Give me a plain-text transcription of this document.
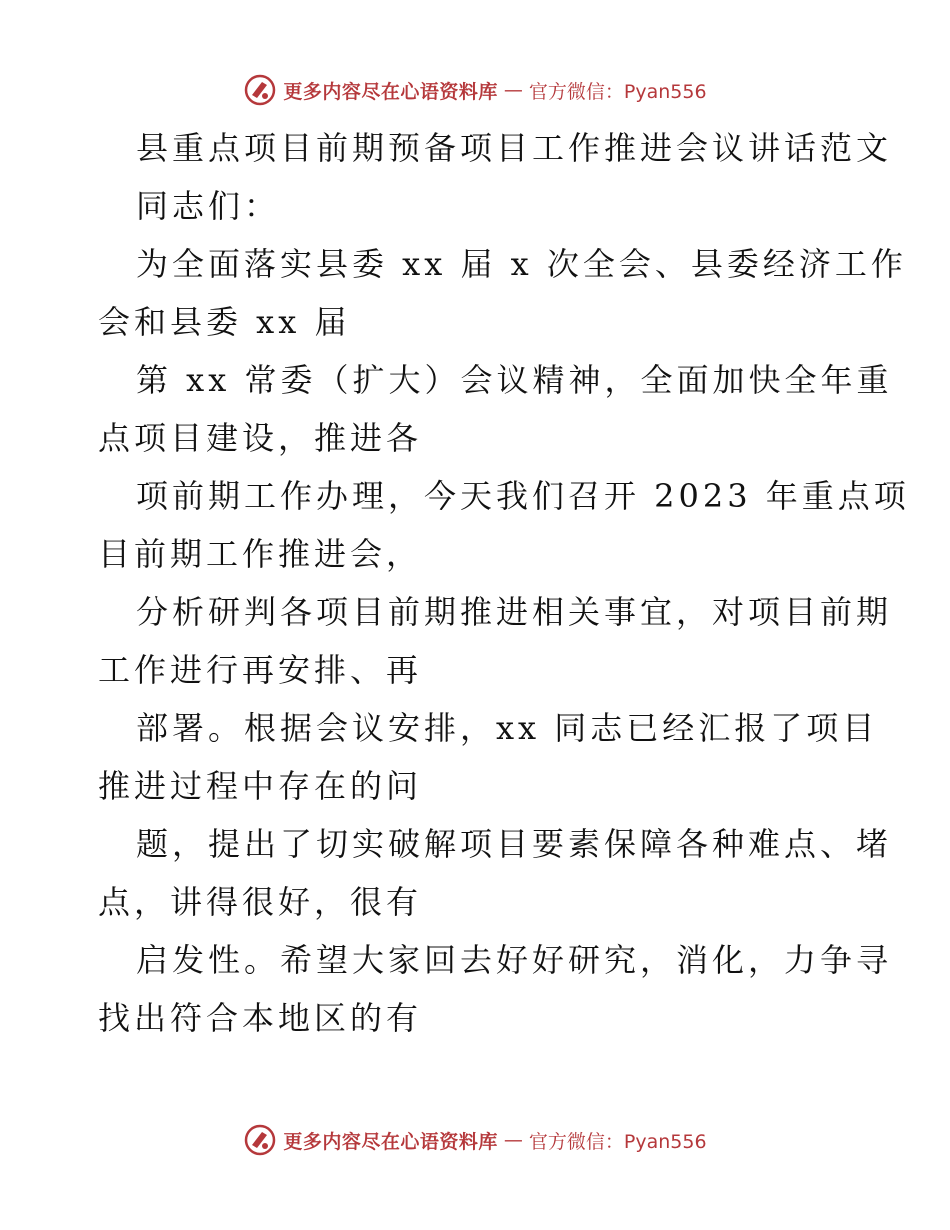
更多内容尽在心语资料库 — 官方微信：Pyan556
县重点项目前期预备项目工作推进会议讲话范文
同志们：
为全面落实县委 xx 届 x 次全会、县委经济工作
会和县委 xx 届
第 xx 常委（扩大）会议精神，全面加快全年重
点项目建设，推进各
项前期工作办理，今天我们召开 2023 年重点项
目前期工作推进会，
分析研判各项目前期推进相关事宜，对项目前期
工作进行再安排、再
部署。根据会议安排，xx 同志已经汇报了项目
推进过程中存在的问
题，提出了切实破解项目要素保障各种难点、堵
点，讲得很好，很有
启发性。希望大家回去好好研究，消化，力争寻
找出符合本地区的有
更多内容尽在心语资料库 — 官方微信：Pyan556
